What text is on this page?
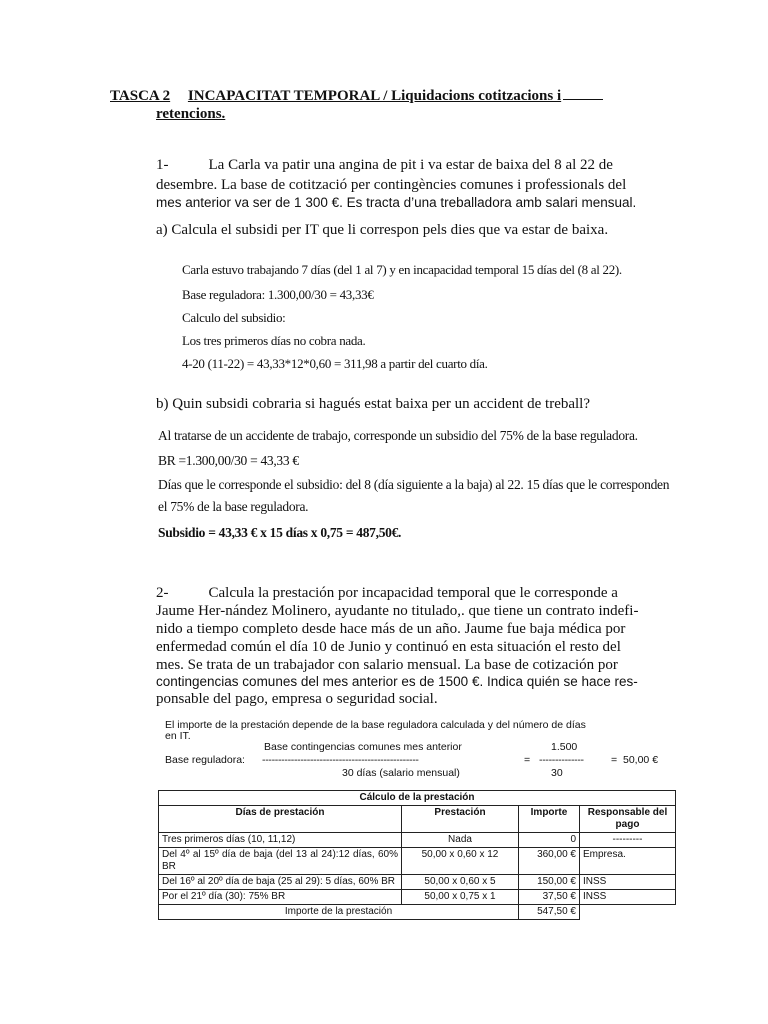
TASCA 2 INCAPACITAT TEMPORAL / Liquidacions cotitzacions i
retencions.
1-	La Carla va patir una angina de pit i va estar de baixa del 8 al 22 de
desembre. La base de cotització per contingències comunes i professionals del
mes anterior va ser de 1 300 €. Es tracta d’una treballadora amb salari mensual.
a) Calcula el subsidi per IT que li correspon pels dies que va estar de baixa.
Carla estuvo trabajando 7 días (del 1 al 7) y en incapacidad temporal 15 días del (8 al 22).
Base reguladora: 1.300,00/30 = 43,33€
Calculo del subsidio:
Los tres primeros días no cobra nada.
4-20 (11-22) = 43,33*12*0,60 = 311,98 a partir del cuarto día.
b) Quin subsidi cobraria si hagués estat baixa per un accident de treball?
Al tratarse de un accidente de trabajo, corresponde un subsidio del 75% de la base reguladora.
BR =1.300,00/30 = 43,33 €
Días que le corresponde el subsidio: del 8 (día siguiente a la baja) al 22. 15 días que le corresponden
el 75% de la base reguladora.
Subsidio = 43,33 € x 15 días x 0,75 = 487,50€.
2-	Calcula la prestación por incapacidad temporal que le corresponde a
Jaume Her-nández Molinero, ayudante no titulado,. que tiene un contrato indefi-
nido a tiempo completo desde hace más de un año. Jaume fue baja médica por
enfermedad común el día 10 de Junio y continuó en esta situación el resto del
mes. Se trata de un trabajador con salario mensual. La base de cotización por
contingencias comunes del mes anterior es de 1500 €. Indica quién se hace res-
ponsable del pago, empresa o seguridad social.
El importe de la prestación depende de la base reguladora calculada y del número de días
en IT.
Base contingencias comunes mes anterior	1.500
Base reguladora: -------------------------------------------------	= --------------	= 50,00 €
30 días (salario mensual)	30
Cálculo de la prestación			
Días de prestación	Prestación	Importe	Responsable del pago
Tres primeros días (10, 11,12)	Nada	0	---------
Del 4º al 15º día de baja (del 13 al 24):12 días, 60% BR	50,00 x 0,60 x 12	360,00 €	Empresa.
Del 16º al 20º día de baja (25 al 29): 5 días, 60% BR	50,00 x 0,60 x 5	150,00 €	INSS
Por el 21º día (30): 75% BR	50,00 x 0,75 x 1	37,50 €	INSS
Importe de la prestación		547,50 €	
